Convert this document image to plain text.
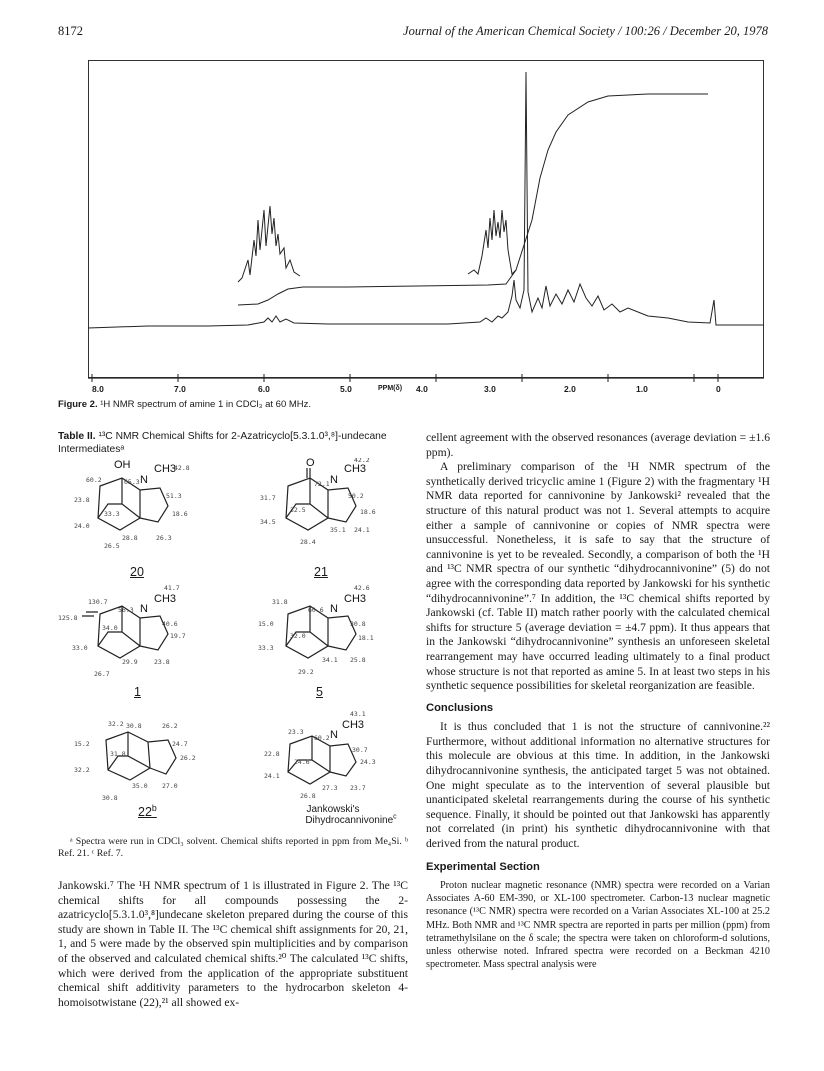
8172	Journal of the American Chemical Society / 100:26 / December 20, 1978
8.0	7.0	6.0	5.0	PPM(δ) 4.0	3.0	2.0	1.0	0
Figure 2. ¹H NMR spectrum of amine 1 in CDCl₃ at 60 MHz.
Table II. ¹³C NMR Chemical Shifts for 2-Azatricyclo[5.3.1.0³,⁸]-undecane Intermediatesᵃ
OH
N
CH3
42.8
60.2	65.3
51.3
18.6
23.8
33.3
24.0
28.8	26.3
26.5
O
N
CH3
42.2
72.1
50.2
18.6
31.7
32.5
34.5
35.1 24.1
28.4
N
CH3
41.7
130.7
56.3
125.8
34.0	40.6
19.7
33.0
29.9	23.8
26.7
N
CH3
42.6
31.8
60.6
30.8
15.0
32.0	18.1
33.3
34.1 25.8
29.2
32.2 30.8	26.2
15.2	24.7
31.8	26.2
32.2
35.0 27.0
30.8
N
CH3
43.1
23.3
60.2
30.7
22.8
24.6	24.3
24.1
27.3 23.7
26.8
20	21
1	5
22$^b$	Jankowski's
Dihydrocannivonine$^c$
ᵃ Spectra were run in CDCl₃ solvent. Chemical shifts reported in ppm from Me₄Si. ᵇ Ref. 21. ᶜ Ref. 7.

Jankowski.⁷ The ¹H NMR spectrum of 1 is illustrated in Figure 2. The ¹³C chemical shifts for all compounds possessing the 2-azatricyclo[5.3.1.0³,⁸]undecane skeleton prepared during the course of this study are shown in Table II. The ¹³C chemical shift assignments for 20, 21, 1, and 5 were made by the observed spin multiplicities and by comparison of the observed and calculated chemical shifts.²⁰ The calculated ¹³C shifts, which were derived from the application of the appropriate substituent chemical shift additivity parameters to the hydrocarbon skeleton 4-homoisotwistane (22),²¹ all showed ex-

cellent agreement with the observed resonances (average deviation = ±1.6 ppm).

A preliminary comparison of the ¹H NMR spectrum of the synthetically derived tricyclic amine 1 (Figure 2) with the fragmentary ¹H NMR data reported for cannivonine by Jankowski² revealed that the structure of this natural product was not 1. Several attempts to acquire either a sample of cannivonine or copies of NMR spectra were unsuccessful. Nonetheless, it is safe to say that the structure of cannivonine is yet to be revealed. Secondly, a comparison of both the ¹H and ¹³C NMR spectra of our synthetic “dihydrocannivonine” (5) do not agree with the corresponding data reported by Jankowski for his synthetic “dihydrocannivonine”.⁷ In addition, the ¹³C chemical shifts reported by Jankowski (cf. Table II) match rather poorly with the calculated chemical shifts for structure 5 (average deviation = ±4.7 ppm). It thus appears that in the Jankowski “dihydrocannivonine” synthesis an unforeseen skeletal rearrangement may have occurred leading ultimately to a final product whose structure is not that reported as amine 5. In at least two steps in his synthetic sequence possibilities for skeletal reorganization are feasible.

Conclusions

It is thus concluded that 1 is not the structure of cannivonine.²² Furthermore, without additional information no alternative structures for this molecule are obvious at this time. In addition, in the Jankowski dihydrocannivonine synthesis, the anticipated target 5 was not obtained. One might speculate as to the intervention of several plausible but unanticipated skeletal rearrangements during the course of his synthetic sequence. Finally, it should be pointed out that Jankowski has apparently not correlated (in print) his synthetic dihydrocannivonine with that derived from the natural product.

Experimental Section

Proton nuclear magnetic resonance (NMR) spectra were recorded on a Varian Associates A-60 EM-390, or XL-100 spectrometer. Carbon-13 nuclear magnetic resonance (¹³C NMR) spectra were recorded on a Varian Associates XL-100 at 25.2 MHz. Both NMR and ¹³C NMR spectra are reported in parts per million (ppm) from tetramethylsilane on the δ scale; the spectra were taken on chloroform-d solutions, unless otherwise noted. Infrared spectra were recorded on a Beckman 4210 spectrometer. Mass spectral analysis were
